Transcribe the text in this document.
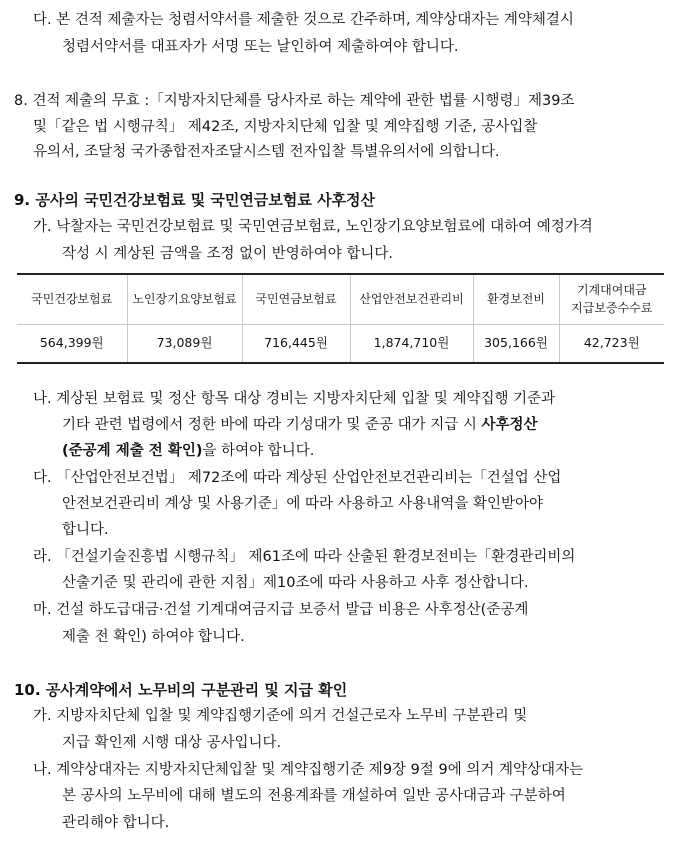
다. 본 견적 제출자는 청렴서약서를 제출한 것으로 간주하며, 계약상대자는 계약체결시
청렴서약서를 대표자가 서명 또는 날인하여 제출하여야 합니다.
8. 견적 제출의 무효 :「지방자치단체를 당사자로 하는 계약에 관한 법률 시행령」제39조
및「같은 법 시행규칙」 제42조, 지방자치단체 입찰 및 계약집행 기준, 공사입찰
유의서, 조달청 국가종합전자조달시스템 전자입찰 특별유의서에 의합니다.
9. 공사의 국민건강보험료 및 국민연금보험료 사후정산
가. 낙찰자는 국민건강보험료 및 국민연금보험료, 노인장기요양보험료에 대하여 예정가격
작성 시 계상된 금액을 조정 없이 반영하여야 합니다.
국민건강보험료	노인장기요양보험료	국민연금보험료	산업안전보건관리비	환경보전비	기계대여대금
지급보증수수료
564,399원	73,089원	716,445원	1,874,710원	305,166원	42,723원
나. 계상된 보험료 및 정산 항목 대상 경비는 지방자치단체 입찰 및 계약집행 기준과
기타 관련 법령에서 정한 바에 따라 기성대가 및 준공 대가 지급 시 사후정산
(준공계 제출 전 확인)을 하여야 합니다.
다. 「산업안전보건법」 제72조에 따라 계상된 산업안전보건관리비는「건설업 산업
안전보건관리비 계상 및 사용기준」에 따라 사용하고 사용내역을 확인받아야
합니다.
라. 「건설기술진흥법 시행규칙」 제61조에 따라 산출된 환경보전비는「환경관리비의
산출기준 및 관리에 관한 지침」제10조에 따라 사용하고 사후 정산합니다.
마. 건설 하도급대금·건설 기계대여금지급 보증서 발급 비용은 사후정산(준공계
제출 전 확인) 하여야 합니다.
10. 공사계약에서 노무비의 구분관리 및 지급 확인
가. 지방자치단체 입찰 및 계약집행기준에 의거 건설근로자 노무비 구분관리 및
지급 확인제 시행 대상 공사입니다.
나. 계약상대자는 지방자치단체입찰 및 계약집행기준 제9장 9절 9에 의거 계약상대자는
본 공사의 노무비에 대해 별도의 전용계좌를 개설하여 일반 공사대금과 구분하여
관리해야 합니다.
